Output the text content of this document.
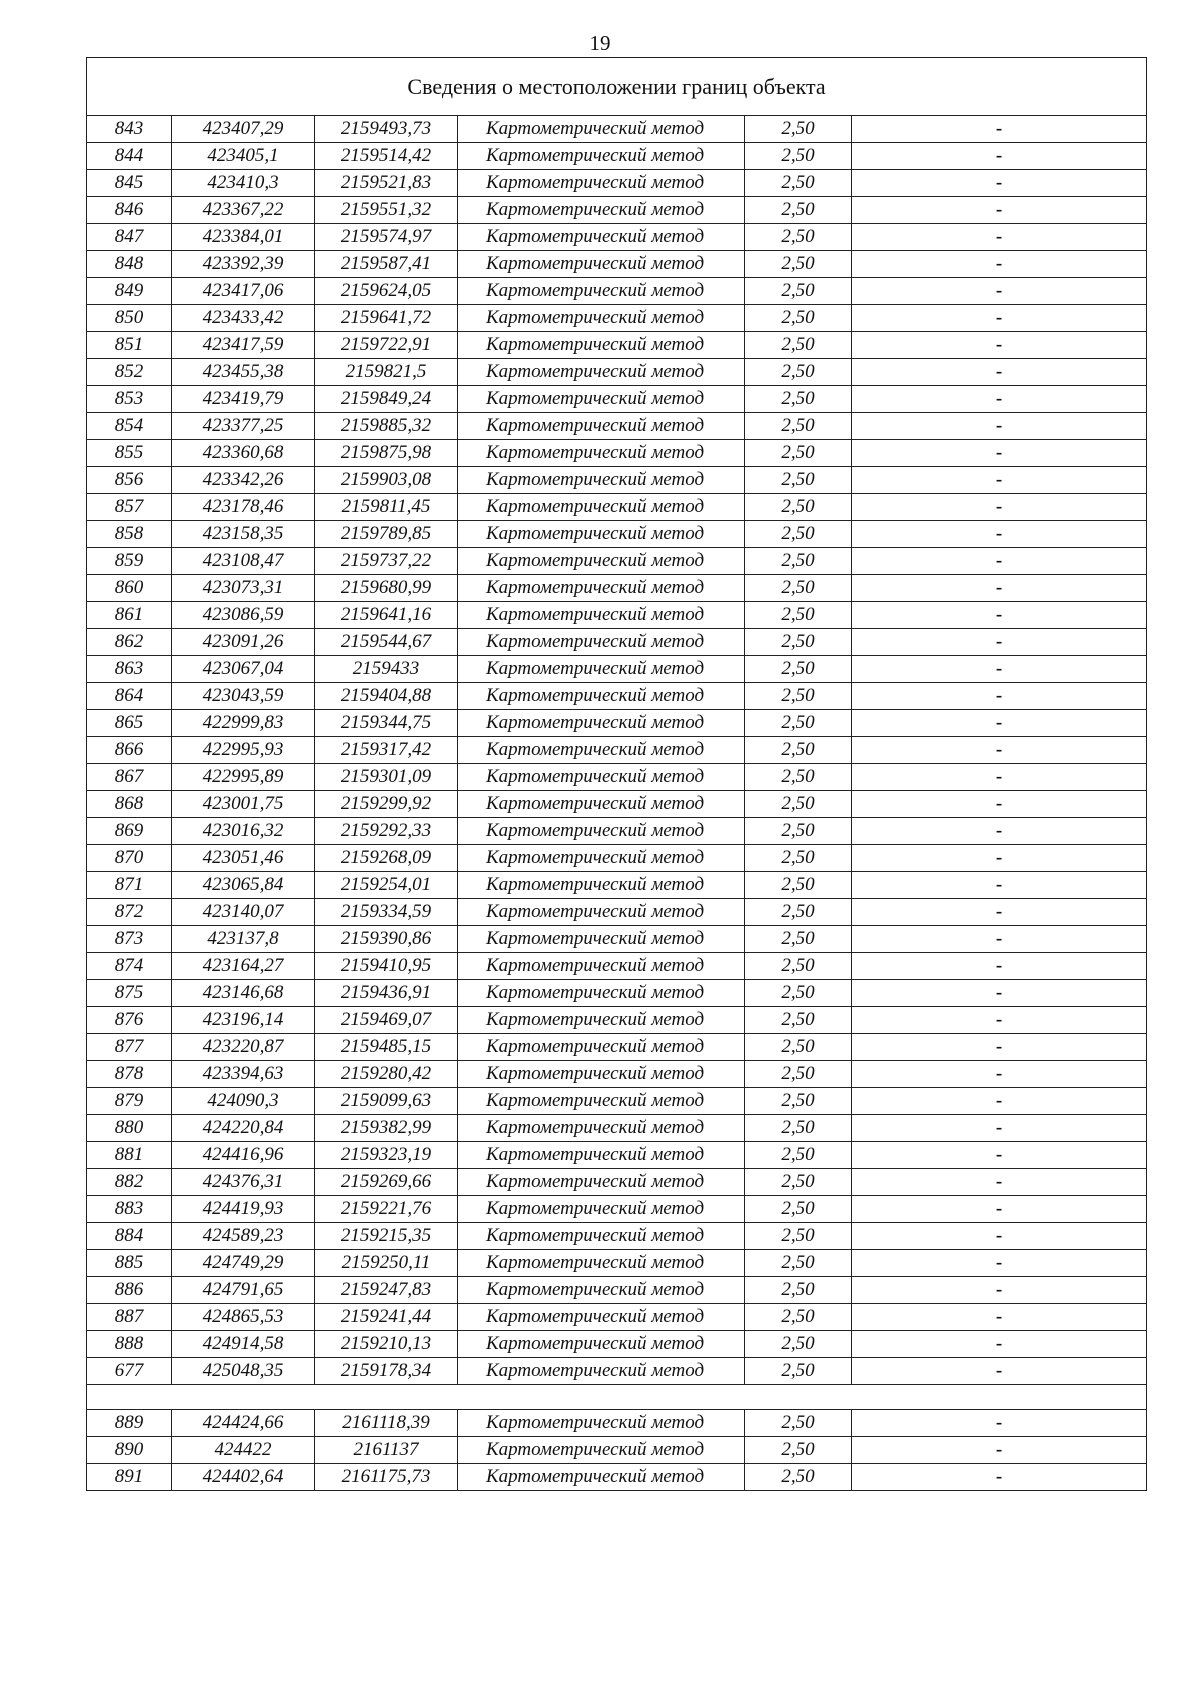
19
Сведения о местоположении границ объекта					
843	423407,29	2159493,73	Картометрический метод	2,50	-
844	423405,1	2159514,42	Картометрический метод	2,50	-
845	423410,3	2159521,83	Картометрический метод	2,50	-
846	423367,22	2159551,32	Картометрический метод	2,50	-
847	423384,01	2159574,97	Картометрический метод	2,50	-
848	423392,39	2159587,41	Картометрический метод	2,50	-
849	423417,06	2159624,05	Картометрический метод	2,50	-
850	423433,42	2159641,72	Картометрический метод	2,50	-
851	423417,59	2159722,91	Картометрический метод	2,50	-
852	423455,38	2159821,5	Картометрический метод	2,50	-
853	423419,79	2159849,24	Картометрический метод	2,50	-
854	423377,25	2159885,32	Картометрический метод	2,50	-
855	423360,68	2159875,98	Картометрический метод	2,50	-
856	423342,26	2159903,08	Картометрический метод	2,50	-
857	423178,46	2159811,45	Картометрический метод	2,50	-
858	423158,35	2159789,85	Картометрический метод	2,50	-
859	423108,47	2159737,22	Картометрический метод	2,50	-
860	423073,31	2159680,99	Картометрический метод	2,50	-
861	423086,59	2159641,16	Картометрический метод	2,50	-
862	423091,26	2159544,67	Картометрический метод	2,50	-
863	423067,04	2159433	Картометрический метод	2,50	-
864	423043,59	2159404,88	Картометрический метод	2,50	-
865	422999,83	2159344,75	Картометрический метод	2,50	-
866	422995,93	2159317,42	Картометрический метод	2,50	-
867	422995,89	2159301,09	Картометрический метод	2,50	-
868	423001,75	2159299,92	Картометрический метод	2,50	-
869	423016,32	2159292,33	Картометрический метод	2,50	-
870	423051,46	2159268,09	Картометрический метод	2,50	-
871	423065,84	2159254,01	Картометрический метод	2,50	-
872	423140,07	2159334,59	Картометрический метод	2,50	-
873	423137,8	2159390,86	Картометрический метод	2,50	-
874	423164,27	2159410,95	Картометрический метод	2,50	-
875	423146,68	2159436,91	Картометрический метод	2,50	-
876	423196,14	2159469,07	Картометрический метод	2,50	-
877	423220,87	2159485,15	Картометрический метод	2,50	-
878	423394,63	2159280,42	Картометрический метод	2,50	-
879	424090,3	2159099,63	Картометрический метод	2,50	-
880	424220,84	2159382,99	Картометрический метод	2,50	-
881	424416,96	2159323,19	Картометрический метод	2,50	-
882	424376,31	2159269,66	Картометрический метод	2,50	-
883	424419,93	2159221,76	Картометрический метод	2,50	-
884	424589,23	2159215,35	Картометрический метод	2,50	-
885	424749,29	2159250,11	Картометрический метод	2,50	-
886	424791,65	2159247,83	Картометрический метод	2,50	-
887	424865,53	2159241,44	Картометрический метод	2,50	-
888	424914,58	2159210,13	Картометрический метод	2,50	-
677	425048,35	2159178,34	Картометрический метод	2,50	-

889	424424,66	2161118,39	Картометрический метод	2,50	-
890	424422	2161137	Картометрический метод	2,50	-
891	424402,64	2161175,73	Картометрический метод	2,50	-
